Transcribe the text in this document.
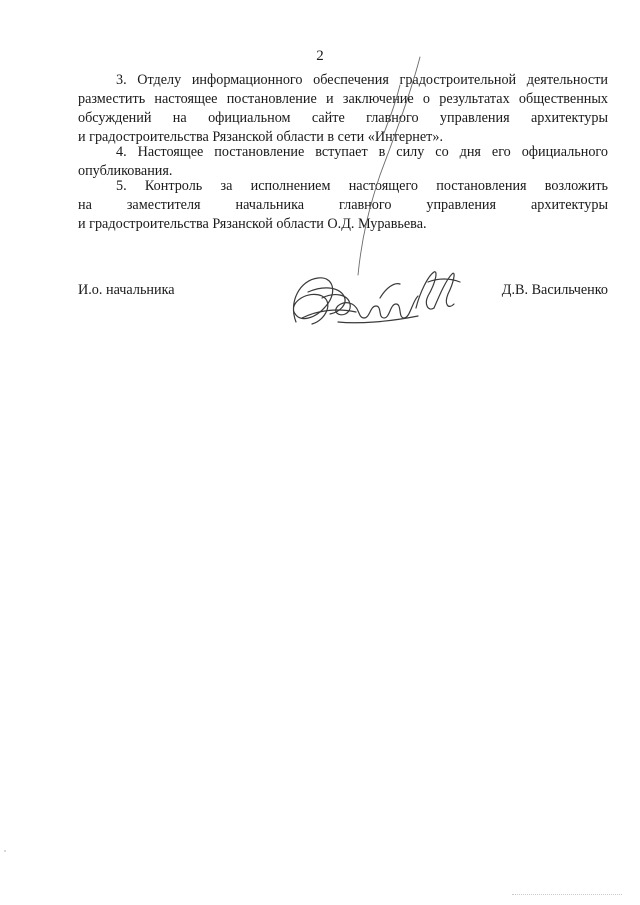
2
3. Отделу информационного обеспечения градостроительной деятельности
разместить настоящее постановление и заключение о результатах общественных
обсуждений на официальном сайте главного управления архитектуры
и градостроительства Рязанской области в сети «Интернет».
4. Настоящее постановление вступает в силу со дня его официального
опубликования.
5. Контроль за исполнением настоящего постановления возложить
на заместителя начальника главного управления архитектуры
и градостроительства Рязанской области О.Д. Муравьева.
И.о. начальника	Д.В. Васильченко
